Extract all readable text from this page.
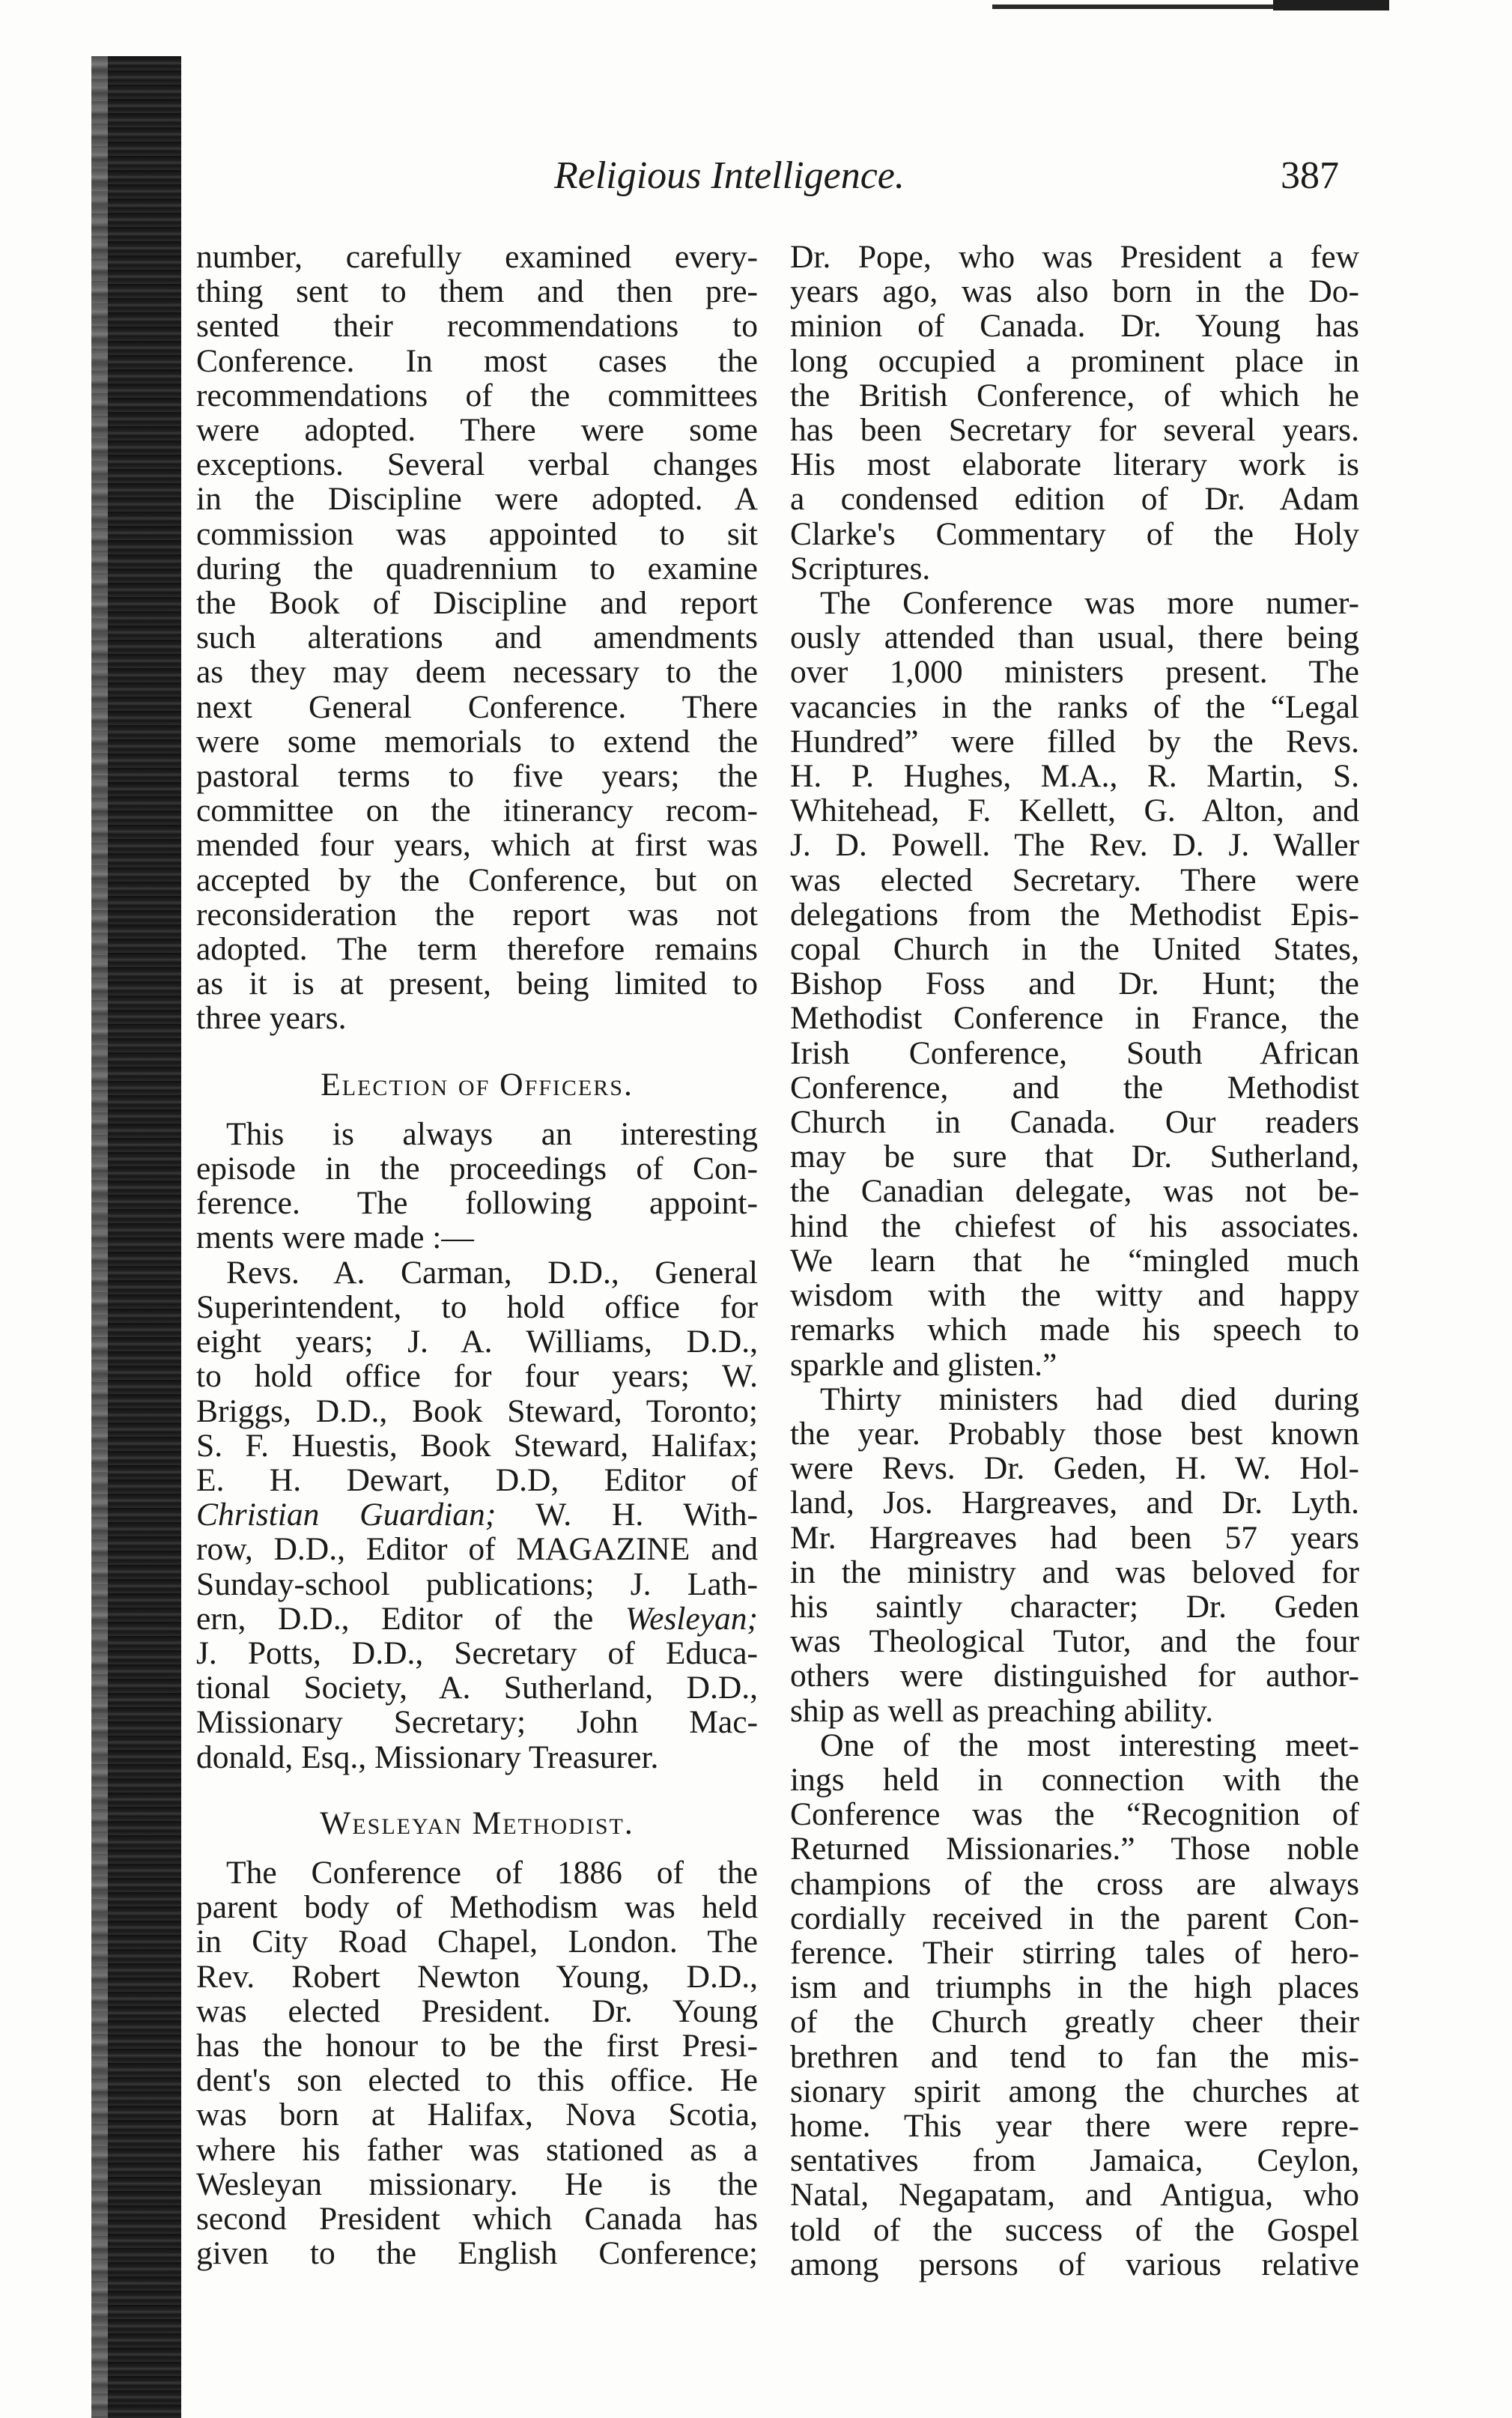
Religious Intelligence.	387

number, carefully examined every-

thing sent to them and then pre-

sented their recommendations to

Conference. In most cases the

recommendations of the committees

were adopted. There were some

exceptions. Several verbal changes

in the Discipline were adopted. A

commission was appointed to sit

during the quadrennium to examine

the Book of Discipline and report

such alterations and amendments

as they may deem necessary to the

next General Conference. There

were some memorials to extend the

pastoral terms to five years; the

committee on the itinerancy recom-

mended four years, which at first was

accepted by the Conference, but on

reconsideration the report was not

adopted. The term therefore remains

as it is at present, being limited to

three years.

Election of Officers.

This is always an interesting

episode in the proceedings of Con-

ference. The following appoint-

ments were made :—

Revs. A. Carman, D.D., General

Superintendent, to hold office for

eight years; J. A. Williams, D.D.,

to hold office for four years; W.

Briggs, D.D., Book Steward, Toronto;

S. F. Huestis, Book Steward, Halifax;

E. H. Dewart, D.D, Editor of

Christian Guardian; W. H. With-

row, D.D., Editor of MAGAZINE and

Sunday-school publications; J. Lath-

ern, D.D., Editor of the Wesleyan;

J. Potts, D.D., Secretary of Educa-

tional Society, A. Sutherland, D.D.,

Missionary Secretary; John Mac-

donald, Esq., Missionary Treasurer.

Wesleyan Methodist.

The Conference of 1886 of the

parent body of Methodism was held

in City Road Chapel, London. The

Rev. Robert Newton Young, D.D.,

was elected President. Dr. Young

has the honour to be the first Presi-

dent's son elected to this office. He

was born at Halifax, Nova Scotia,

where his father was stationed as a

Wesleyan missionary. He is the

second President which Canada has

given to the English Conference;

Dr. Pope, who was President a few

years ago, was also born in the Do-

minion of Canada. Dr. Young has

long occupied a prominent place in

the British Conference, of which he

has been Secretary for several years.

His most elaborate literary work is

a condensed edition of Dr. Adam

Clarke's Commentary of the Holy

Scriptures.

The Conference was more numer-

ously attended than usual, there being

over 1,000 ministers present. The

vacancies in the ranks of the “Legal

Hundred” were filled by the Revs.

H. P. Hughes, M.A., R. Martin, S.

Whitehead, F. Kellett, G. Alton, and

J. D. Powell. The Rev. D. J. Waller

was elected Secretary. There were

delegations from the Methodist Epis-

copal Church in the United States,

Bishop Foss and Dr. Hunt; the

Methodist Conference in France, the

Irish Conference, South African

Conference, and the Methodist

Church in Canada. Our readers

may be sure that Dr. Sutherland,

the Canadian delegate, was not be-

hind the chiefest of his associates.

We learn that he “mingled much

wisdom with the witty and happy

remarks which made his speech to

sparkle and glisten.”

Thirty ministers had died during

the year. Probably those best known

were Revs. Dr. Geden, H. W. Hol-

land, Jos. Hargreaves, and Dr. Lyth.

Mr. Hargreaves had been 57 years

in the ministry and was beloved for

his saintly character; Dr. Geden

was Theological Tutor, and the four

others were distinguished for author-

ship as well as preaching ability.

One of the most interesting meet-

ings held in connection with the

Conference was the “Recognition of

Returned Missionaries.” Those noble

champions of the cross are always

cordially received in the parent Con-

ference. Their stirring tales of hero-

ism and triumphs in the high places

of the Church greatly cheer their

brethren and tend to fan the mis-

sionary spirit among the churches at

home. This year there were repre-

sentatives from Jamaica, Ceylon,

Natal, Negapatam, and Antigua, who

told of the success of the Gospel

among persons of various relative
